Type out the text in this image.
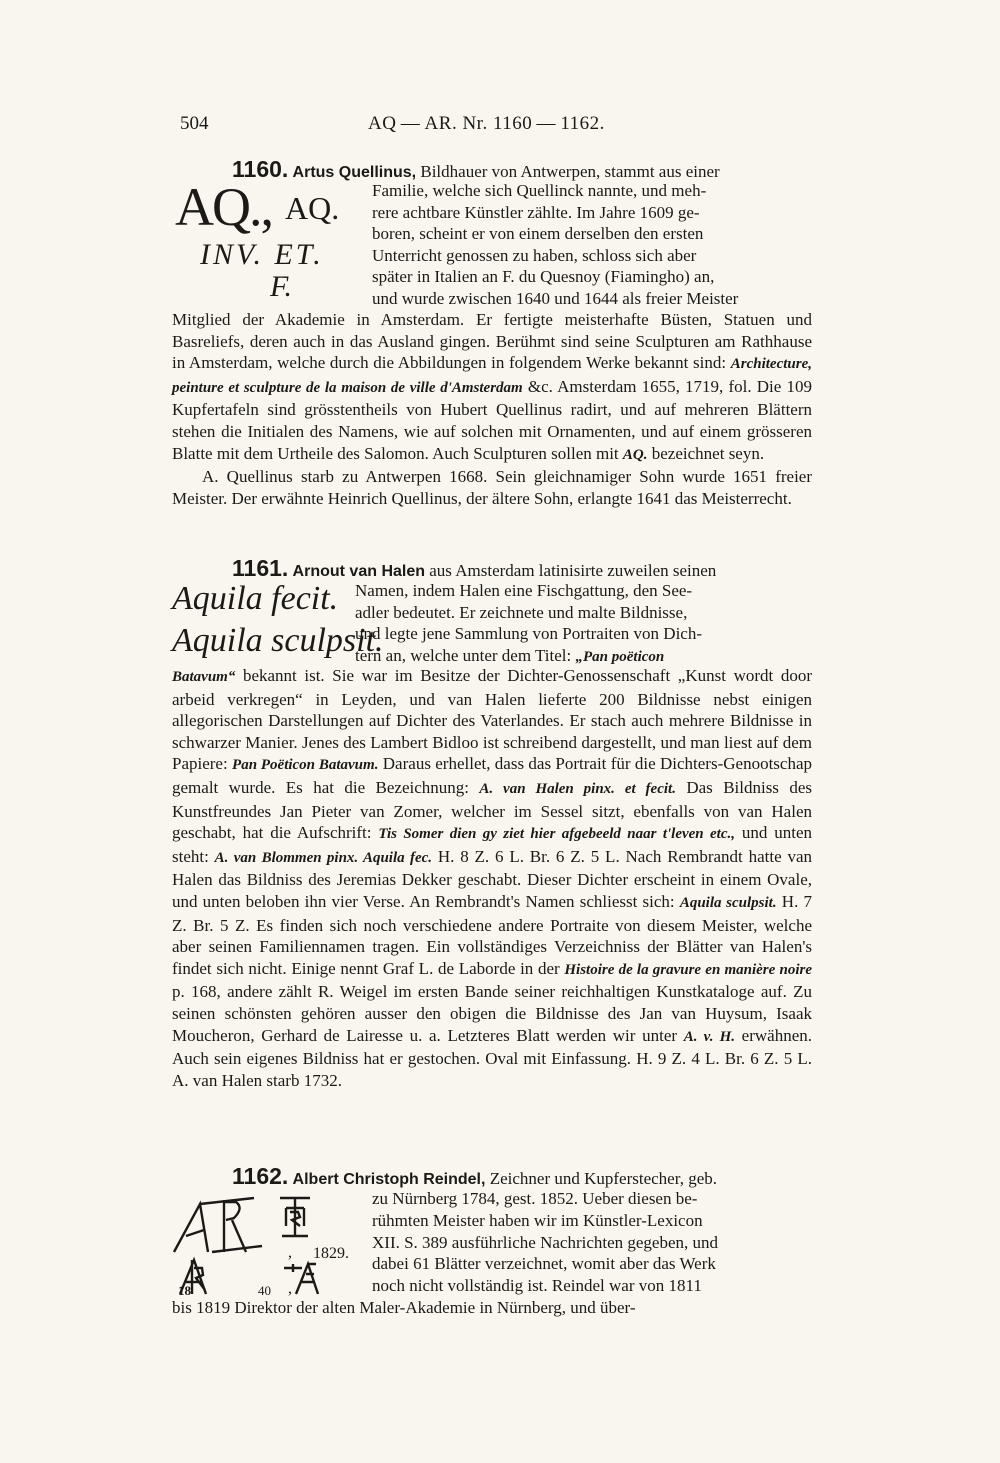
504	AQ — AR. Nr. 1160 — 1162.
1160. Artus Quellinus, Bildhauer von Antwerpen, stammt aus einer
AQ., AQ.
INV. ET.
F.
Familie, welche sich Quellinck nannte, und meh-
rere achtbare Künstler zählte. Im Jahre 1609 ge-
boren, scheint er von einem derselben den ersten
Unterricht genossen zu haben, schloss sich aber
später in Italien an F. du Quesnoy (Fiamingho) an,
und wurde zwischen 1640 und 1644 als freier Meister

Mitglied der Akademie in Amsterdam. Er fertigte meisterhafte Büsten, Statuen und Basreliefs, deren auch in das Ausland gingen. Berühmt sind seine Sculpturen am Rathhause in Amsterdam, welche durch die Abbildungen in folgendem Werke bekannt sind: Architecture, peinture et sculpture de la maison de ville d'Amsterdam &c. Amsterdam 1655, 1719, fol. Die 109 Kupfertafeln sind grösstentheils von Hubert Quellinus radirt, und auf mehreren Blättern stehen die Initialen des Namens, wie auf solchen mit Ornamenten, und auf einem grösseren Blatte mit dem Urtheile des Salomon. Auch Sculpturen sollen mit AQ. bezeichnet seyn.

A. Quellinus starb zu Antwerpen 1668. Sein gleichnamiger Sohn wurde 1651 freier Meister. Der erwähnte Heinrich Quellinus, der ältere Sohn, erlangte 1641 das Meisterrecht.

1161. Arnout van Halen aus Amsterdam latinisirte zuweilen seinen
Aquila fecit.
Aquila sculpsit.
Namen, indem Halen eine Fischgattung, den See-
adler bedeutet. Er zeichnete und malte Bildnisse,
und legte jene Sammlung von Portraiten von Dich-
tern an, welche unter dem Titel: „Pan poëticon

Batavum“ bekannt ist. Sie war im Besitze der Dichter-Genossenschaft „Kunst wordt door arbeid verkregen“ in Leyden, und van Halen lieferte 200 Bildnisse nebst einigen allegorischen Darstellungen auf Dichter des Vaterlandes. Er stach auch mehrere Bildnisse in schwarzer Manier. Jenes des Lambert Bidloo ist schreibend dargestellt, und man liest auf dem Papiere: Pan Poëticon Batavum. Daraus erhellet, dass das Portrait für die Dichters-Genootschap gemalt wurde. Es hat die Bezeichnung: A. van Halen pinx. et fecit. Das Bildniss des Kunstfreundes Jan Pieter van Zomer, welcher im Sessel sitzt, ebenfalls von van Halen geschabt, hat die Aufschrift: Tis Somer dien gy ziet hier afgebeeld naar t'leven etc., und unten steht: A. van Blommen pinx. Aquila fec. H. 8 Z. 6 L. Br. 6 Z. 5 L. Nach Rembrandt hatte van Halen das Bildniss des Jeremias Dekker geschabt. Dieser Dichter erscheint in einem Ovale, und unten beloben ihn vier Verse. An Rembrandt's Namen schliesst sich: Aquila sculpsit. H. 7 Z. Br. 5 Z. Es finden sich noch verschiedene andere Portraite von diesem Meister, welche aber seinen Familiennamen tragen. Ein vollständiges Verzeichniss der Blätter van Halen's findet sich nicht. Einige nennt Graf L. de Laborde in der Histoire de la gravure en manière noire p. 168, andere zählt R. Weigel im ersten Bande seiner reichhaltigen Kunstkataloge auf. Zu seinen schönsten gehören ausser den obigen die Bildnisse des Jan van Huysum, Isaak Moucheron, Gerhard de Lairesse u. a. Letzteres Blatt werden wir unter A. v. H. erwähnen. Auch sein eigenes Bildniss hat er gestochen. Oval mit Einfassung. H. 9 Z. 4 L. Br. 6 Z. 5 L. A. van Halen starb 1732.

1162. Albert Christoph Reindel, Zeichner und Kupferstecher, geb.
1829.
,
18	40 ,
zu Nürnberg 1784, gest. 1852. Ueber diesen be-
rühmten Meister haben wir im Künstler-Lexicon
XII. S. 389 ausführliche Nachrichten gegeben, und
dabei 61 Blätter verzeichnet, womit aber das Werk
noch nicht vollständig ist. Reindel war von 1811
bis 1819 Direktor der alten Maler-Akademie in Nürnberg, und über-
